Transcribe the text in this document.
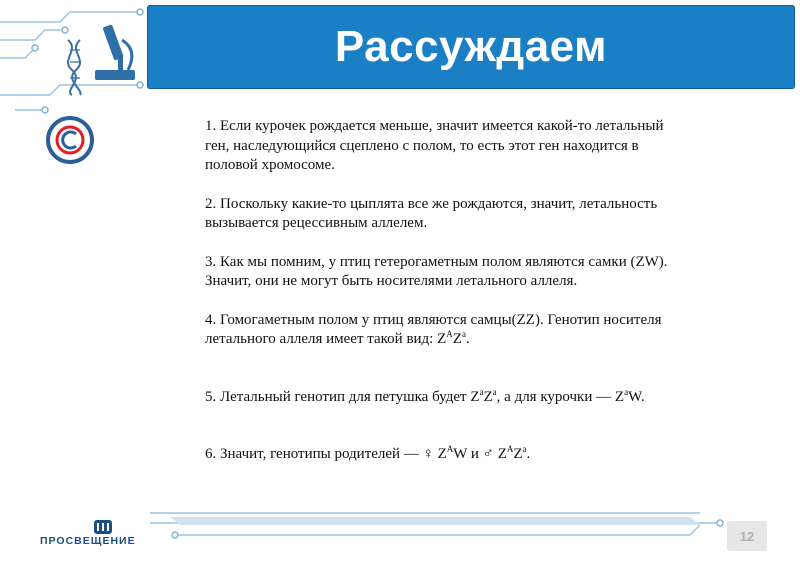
Рассуждаем

1. Если курочек рождается меньше, значит имеется какой-то летальный
ген, наследующийся сцеплено с полом, то есть этот ген находится в
половой хромосоме.

2. Поскольку какие-то цыплята все же рождаются, значит, летальность
вызывается рецессивным аллелем.

3. Как мы помним, у птиц гетерогаметным полом являются самки (ZW).
Значит, они не могут быть носителями летального аллеля.

4. Гомогаметным полом у птиц являются самцы(ZZ). Генотип носителя
летального аллеля имеет такой вид: $Z^AZ^a$.

5. Летальный генотип для петушка будет $Z^aZ^a$, а для курочки — $Z^aW$.

6. Значит, генотипы родителей — ♀ $Z^AW$ и ♂ $Z^AZ^a$.

ПРОСВЕЩЕНИЕ	12
